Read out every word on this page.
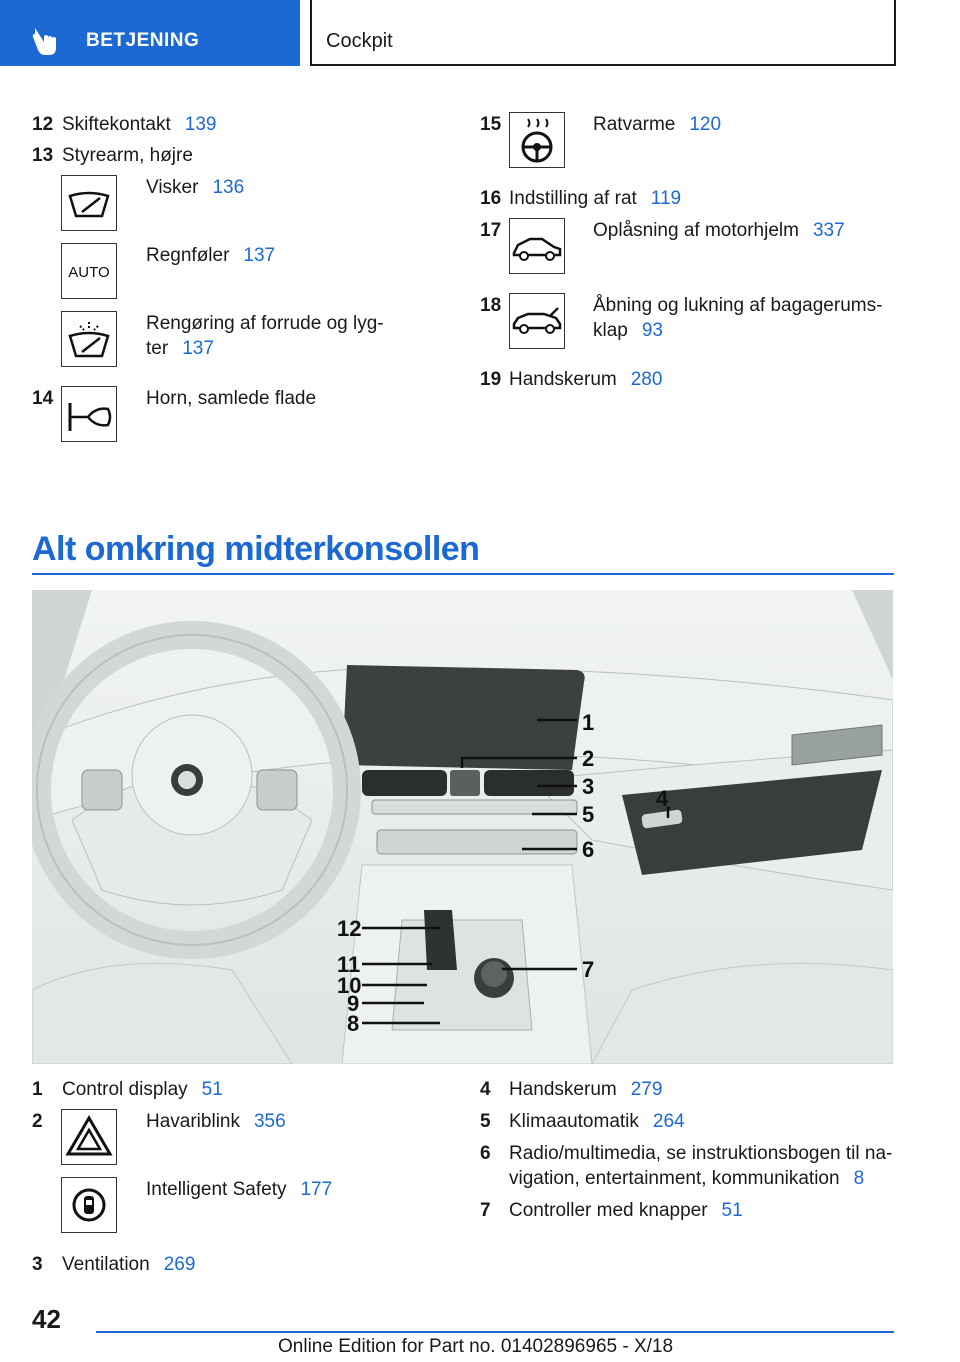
BETJENING	Cockpit
12 Skiftekontakt 139
13 Styrearm, højre
Visker 136
AUTO
Regnføler 137
Rengøring af forrude og lyg-
ter 137
14	Horn, samlede flade
15	Ratvarme 120
16 Indstilling af rat 119
17	Oplåsning af motorhjelm 337
18	Åbning og lukning af bagagerums-
klap 93
19 Handskerum 280
Alt omkring midterkonsollen
1
2
3
5
6
4
12
11
10
9
8
7
1 Control display 51
2	Havariblink 356
Intelligent Safety 177
3 Ventilation 269
4 Handskerum 279
5 Klimaautomatik 264
6 Radio/multimedia, se instruktionsbogen til na-
vigation, entertainment, kommunikation 8
7 Controller med knapper 51
42
Online Edition for Part no. 01402896965 - X/18
